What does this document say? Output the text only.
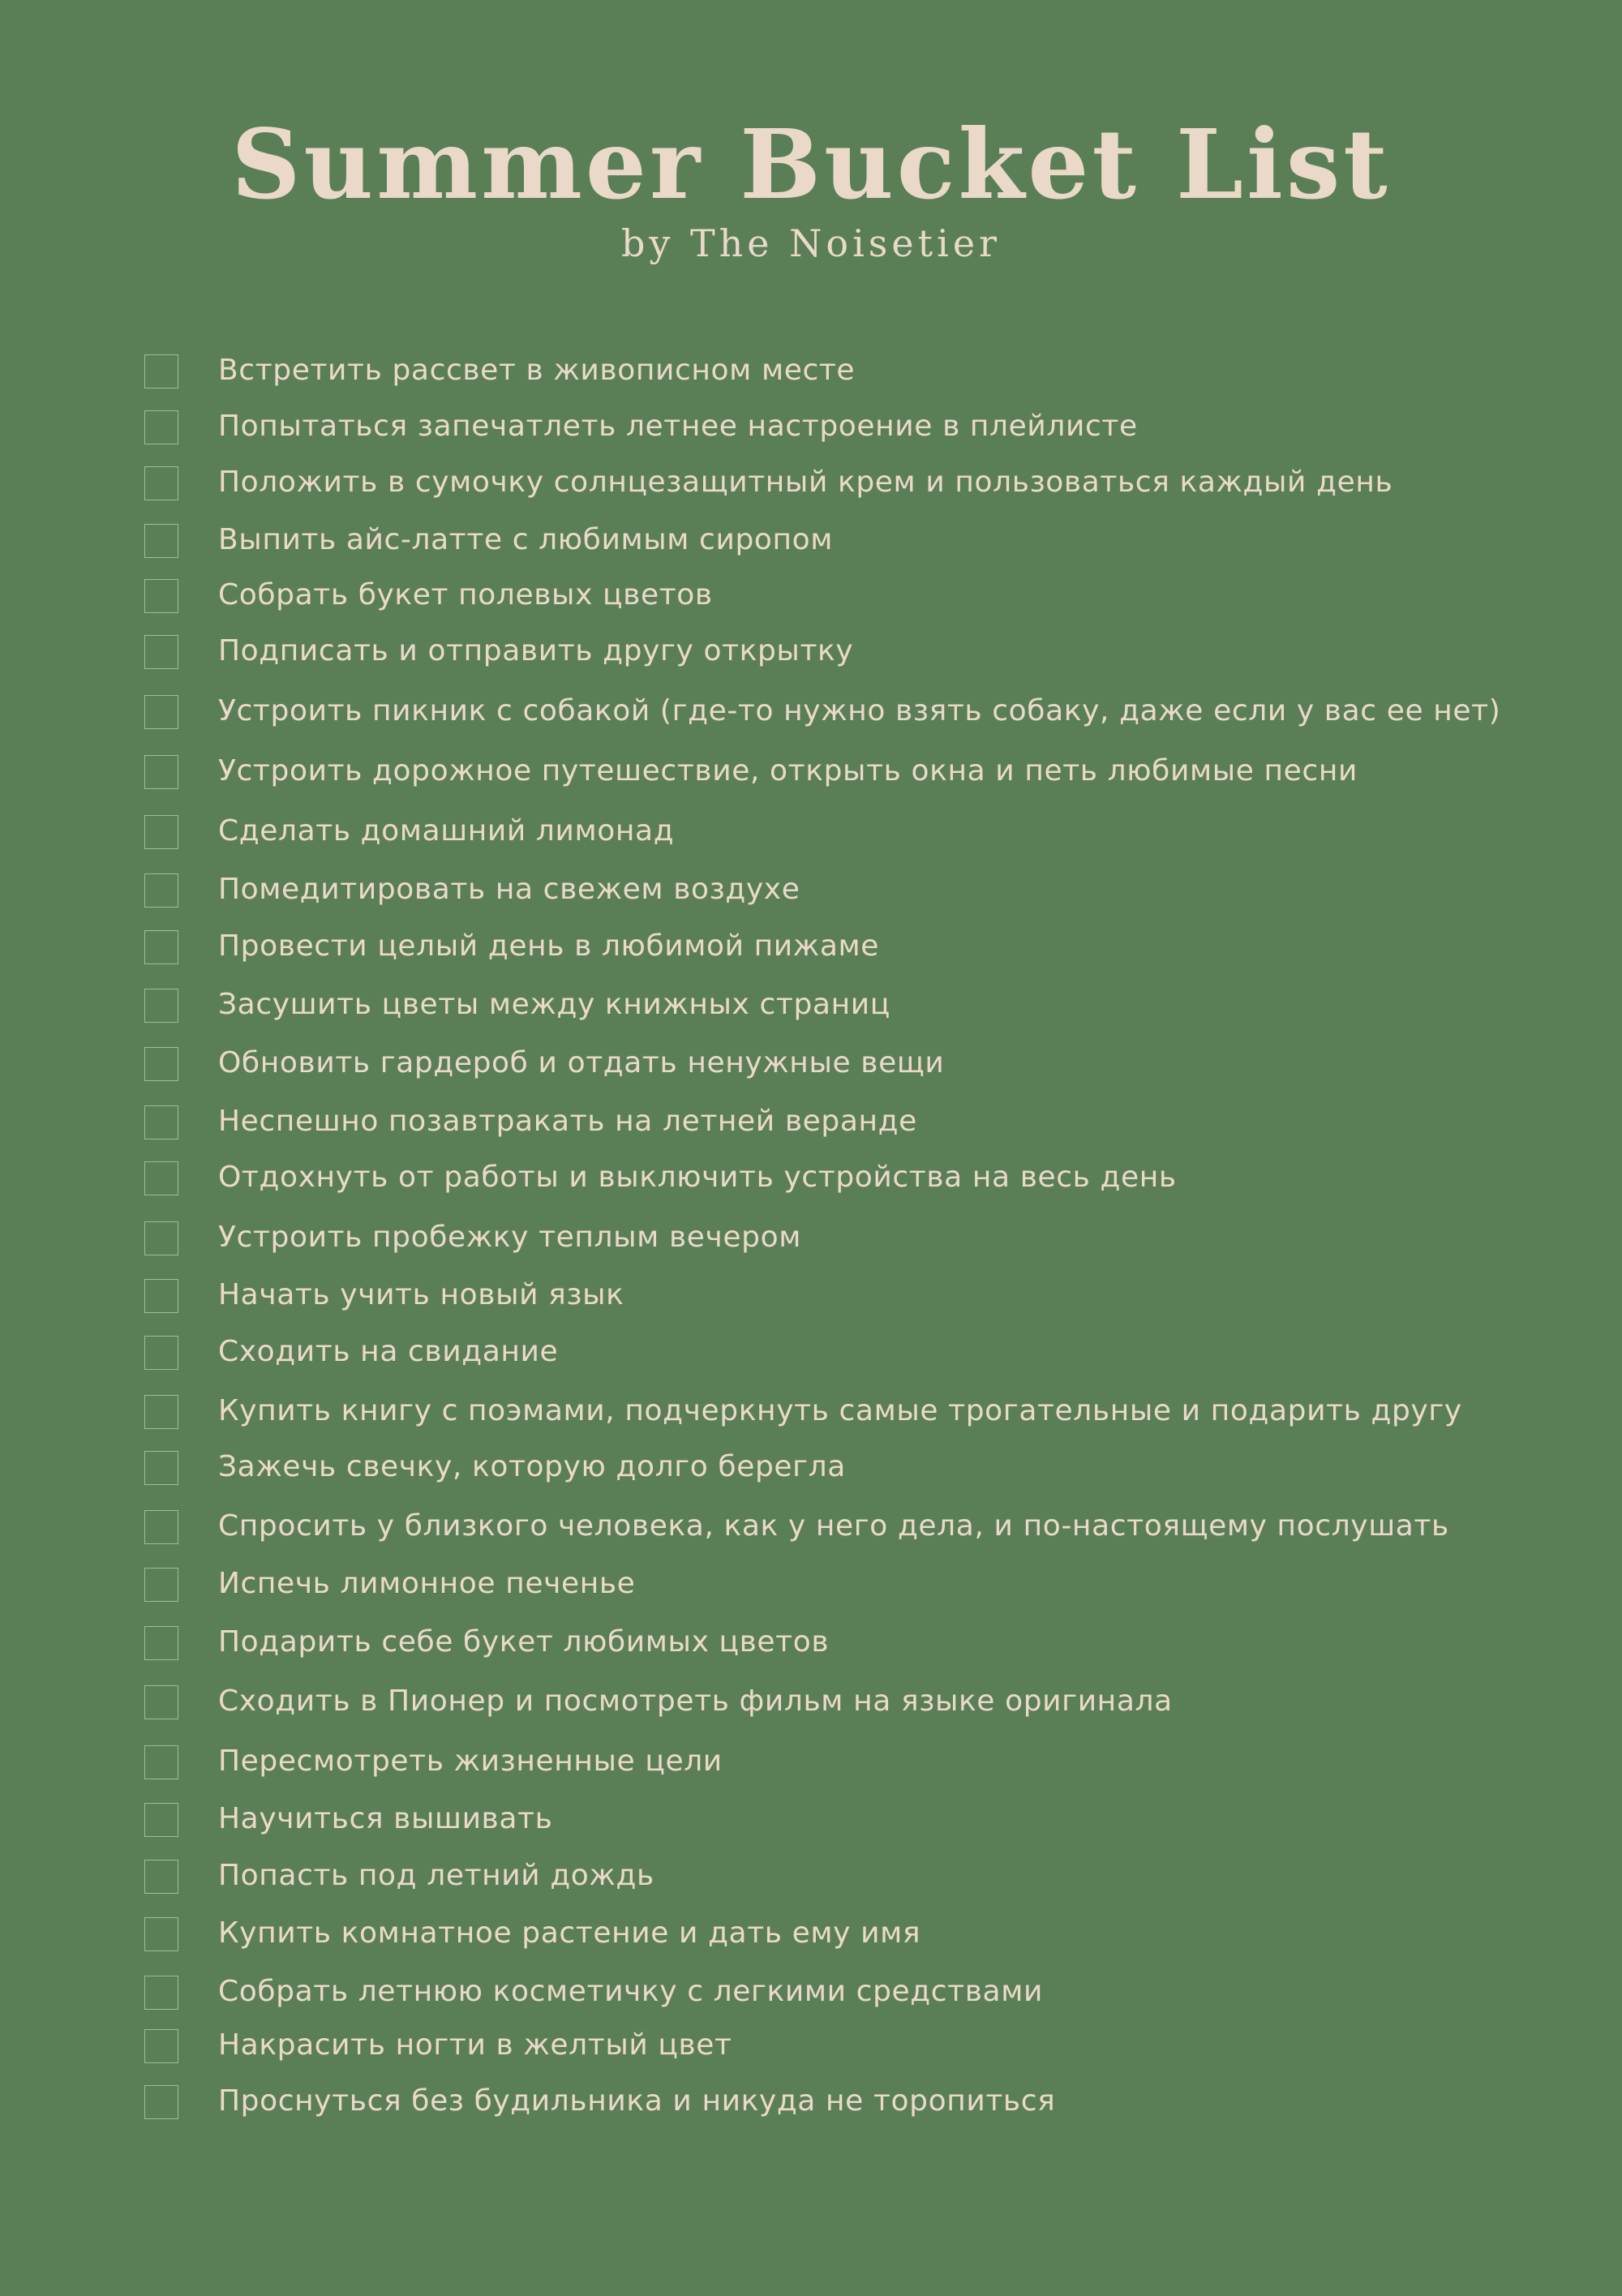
Summer Bucket List
by The Noisetier
Встретить рассвет в живописном месте
Попытаться запечатлеть летнее настроение в плейлисте
Положить в сумочку солнцезащитный крем и пользоваться каждый день
Выпить айс-латте с любимым сиропом
Собрать букет полевых цветов
Подписать и отправить другу открытку
Устроить пикник с собакой (где-то нужно взять собаку, даже если у вас ее нет)
Устроить дорожное путешествие, открыть окна и петь любимые песни
Сделать домашний лимонад
Помедитировать на свежем воздухе
Провести целый день в любимой пижаме
Засушить цветы между книжных страниц
Обновить гардероб и отдать ненужные вещи
Неспешно позавтракать на летней веранде
Отдохнуть от работы и выключить устройства на весь день
Устроить пробежку теплым вечером
Начать учить новый язык
Сходить на свидание
Купить книгу с поэмами, подчеркнуть самые трогательные и подарить другу
Зажечь свечку, которую долго берегла
Спросить у близкого человека, как у него дела, и по-настоящему послушать
Испечь лимонное печенье
Подарить себе букет любимых цветов
Сходить в Пионер и посмотреть фильм на языке оригинала
Пересмотреть жизненные цели
Научиться вышивать
Попасть под летний дождь
Купить комнатное растение и дать ему имя
Собрать летнюю косметичку с легкими средствами
Накрасить ногти в желтый цвет
Проснуться без будильника и никуда не торопиться
